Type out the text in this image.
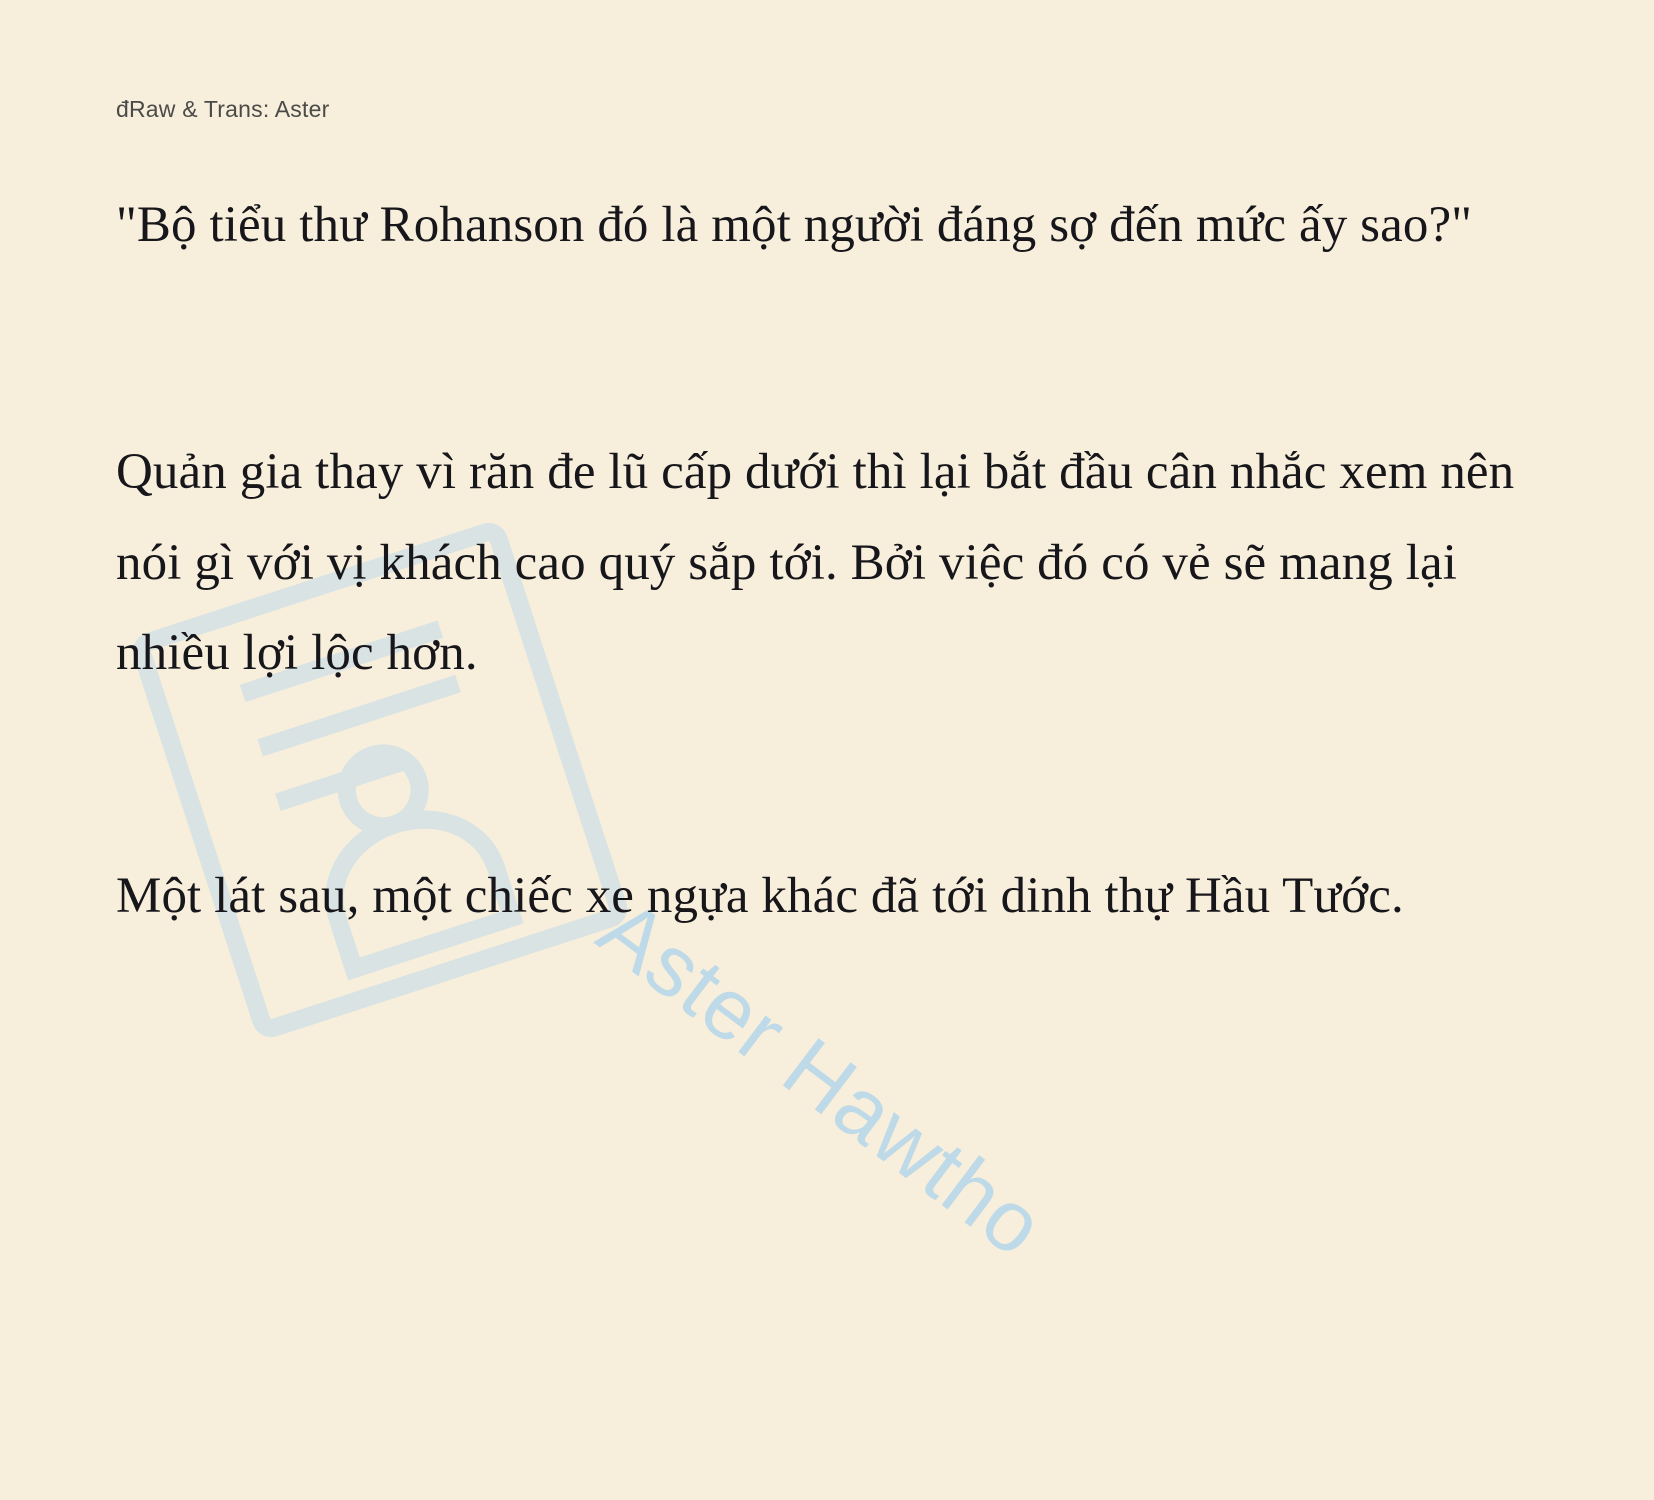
Aster Hawtho
đRaw & Trans: Aster

"Bộ tiểu thư Rohanson đó là một người đáng sợ đến mức ấy sao?"

Quản gia thay vì răn đe lũ cấp dưới thì lại bắt đầu cân nhắc xem nên nói gì với vị khách cao quý sắp tới. Bởi việc đó có vẻ sẽ mang lại nhiều lợi lộc hơn.

Một lát sau, một chiếc xe ngựa khác đã tới dinh thự Hầu Tước.
